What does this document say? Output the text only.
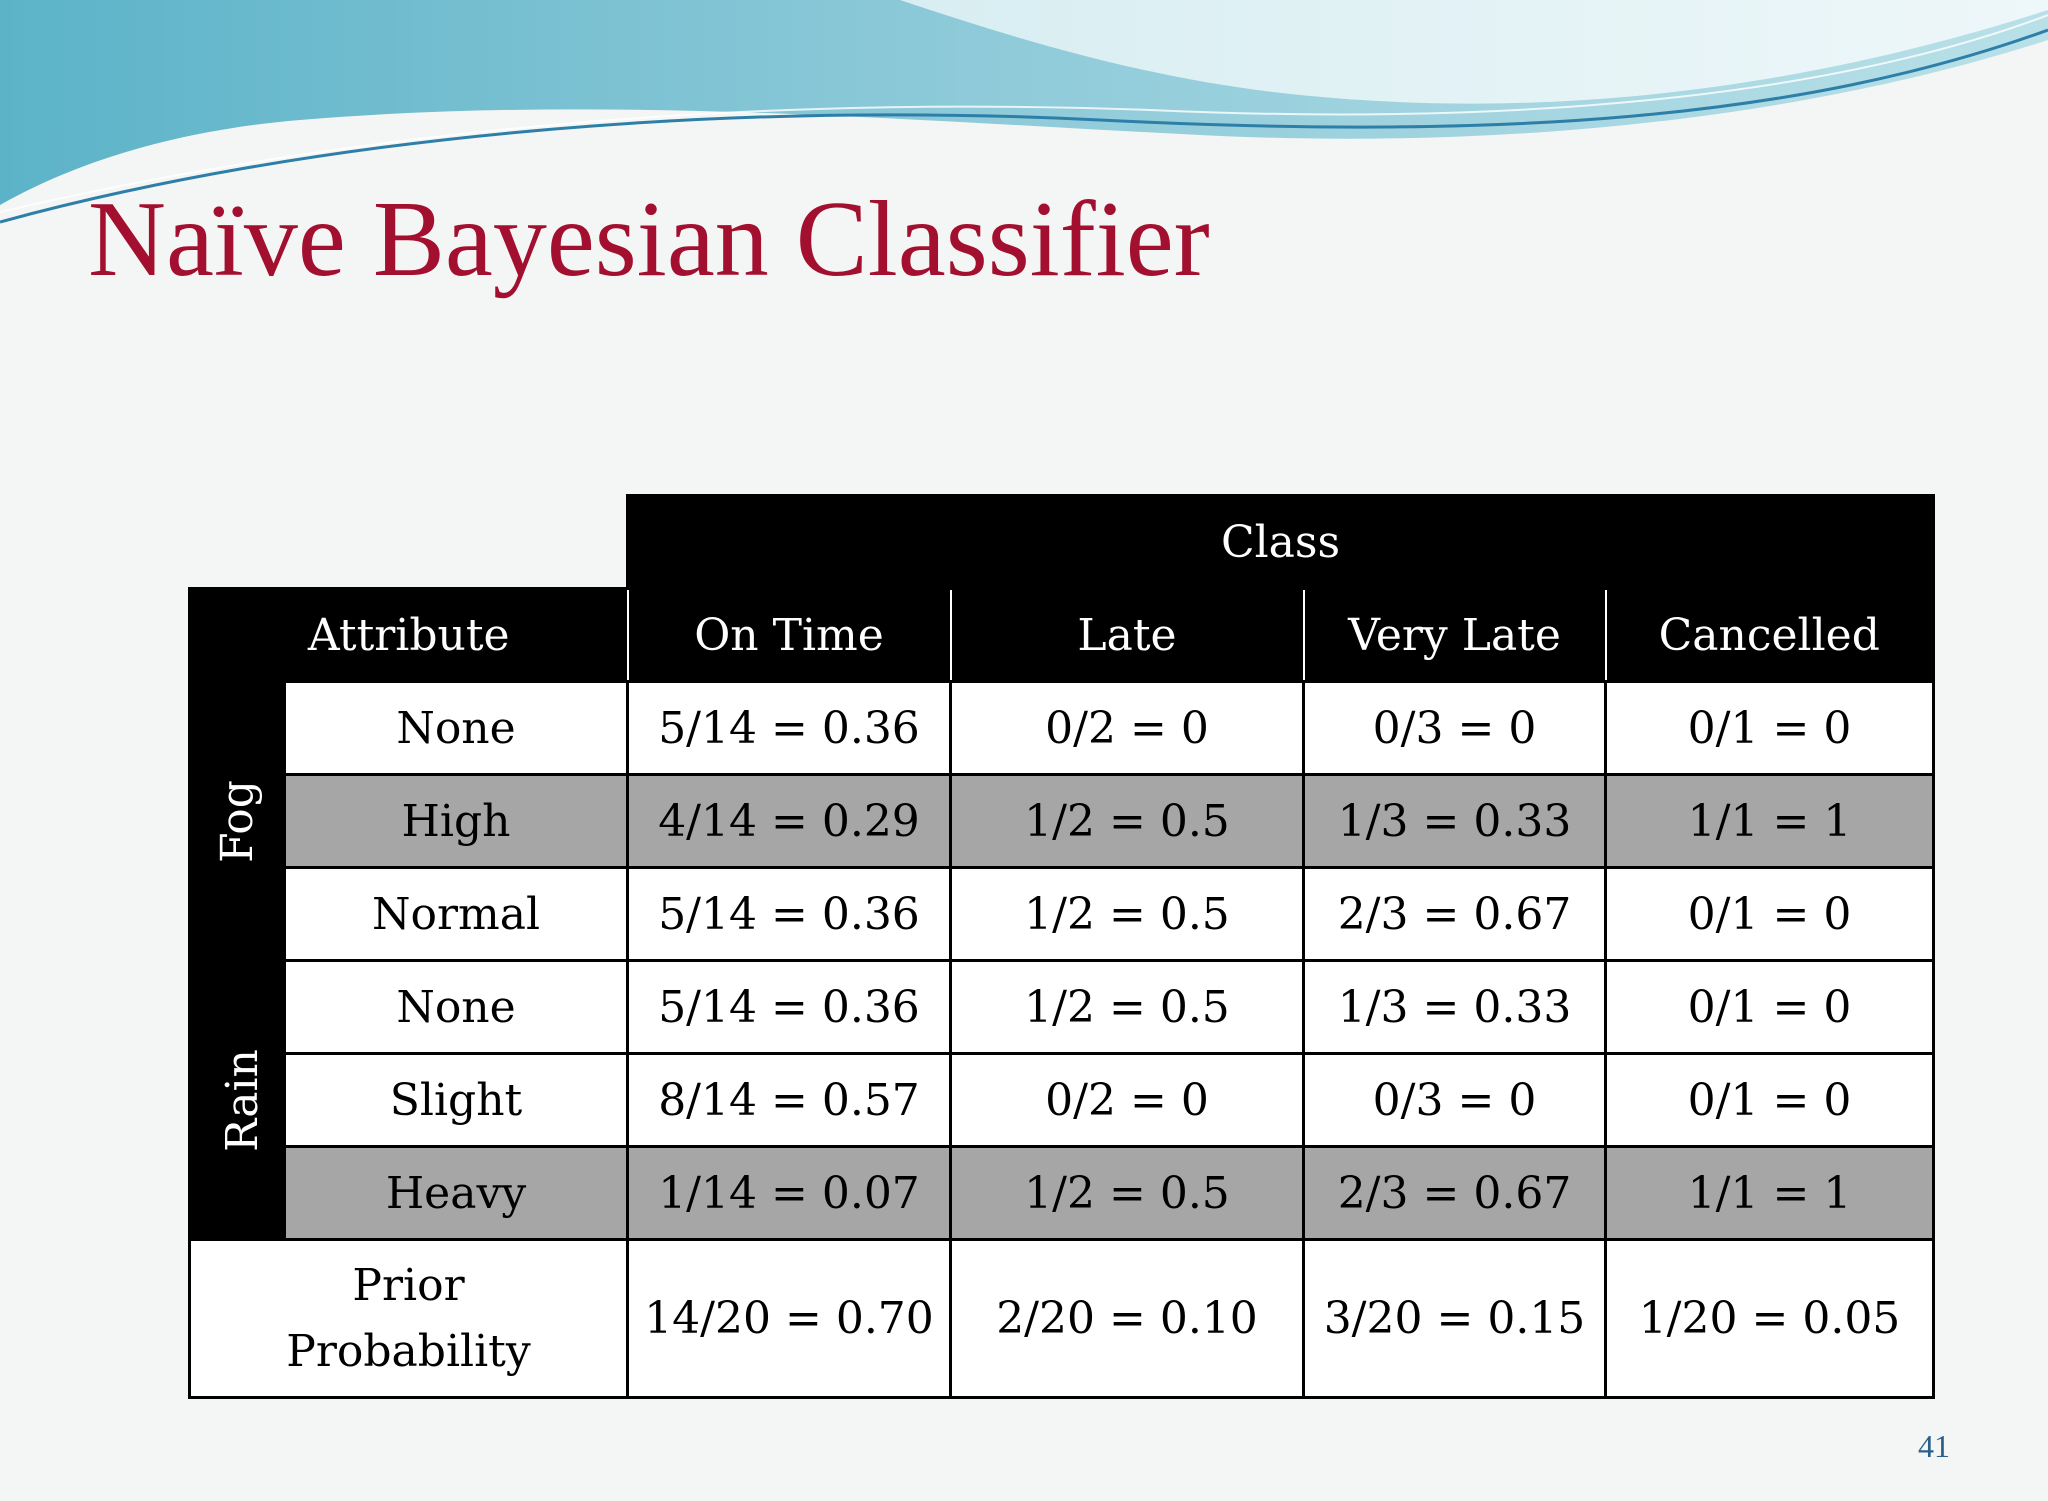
Naïve Bayesian Classifier
		Class			
Attribute		On Time	Late	Very Late	Cancelled
Fog	None	5/14 = 0.36	0/2 = 0	0/3 = 0	0/1 = 0
	High	4/14 = 0.29	1/2 = 0.5	1/3 = 0.33	1/1 = 1
	Normal	5/14 = 0.36	1/2 = 0.5	2/3 = 0.67	0/1 = 0
Rain	None	5/14 = 0.36	1/2 = 0.5	1/3 = 0.33	0/1 = 0
	Slight	8/14 = 0.57	0/2 = 0	0/3 = 0	0/1 = 0
	Heavy	1/14 = 0.07	1/2 = 0.5	2/3 = 0.67	1/1 = 1
Prior
Probability		14/20 = 0.70	2/20 = 0.10	3/20 = 0.15	1/20 = 0.05
41
